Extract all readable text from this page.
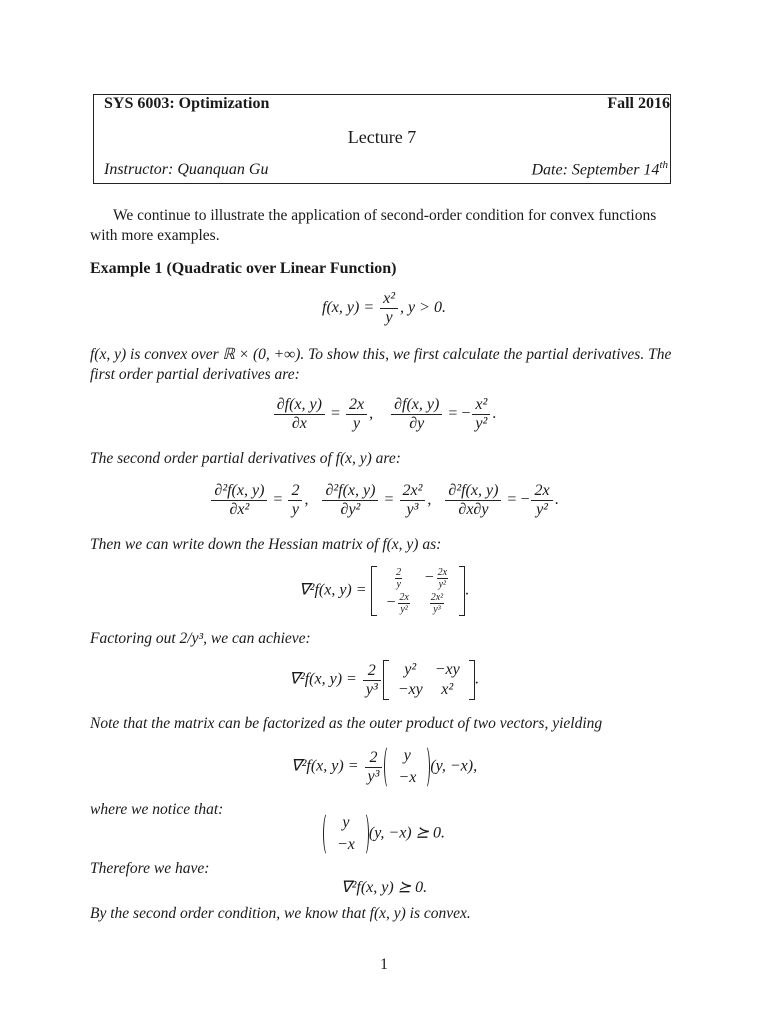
SYS 6003: Optimization	Fall 2016
Lecture 7
Instructor: Quanquan Gu	Date: September 14th
We continue to illustrate the application of second-order condition for convex functions with more examples.
Example 1 (Quadratic over Linear Function)
f(x, $y) = \frac{\text{x²}}{y}$ , y > 0.
f(x, y) is convex over ℝ × (0, +∞). To show this, we first calculate the partial derivatives. The first order partial derivatives are:
$\frac{\partial f(x, y)}{\partial x} = \frac{2x}{y}$ , $\frac{\partial f(x, y)}{\partial y}$ = − $\frac{\text{x²}}{\text{y²}}$ .
The second order partial derivatives of f(x, y) are:
$\frac{\text{∂²f(x, y)}}{\text{∂x²}} = \frac{2}{y}$ , $\frac{\text{∂²f(x, y)}}{\text{∂y²}} = \frac{\text{2x²}}{\text{y³}}$ , $\frac{\text{∂²f(x, y)}}{\partial x\partial y}$ = − $\frac{2x}{\text{y²}}$ .
Then we can write down the Hessian matrix of f(x, y) as:
∇²f(x, y) =
$\frac{2}{y}$	− $\frac{2x}{\text{y²}}$

− $\frac{2x}{\text{y²}}$	$\frac{\text{2x²}}{\text{y³}}$
.
Factoring out 2/y³, we can achieve:
∇²f(x, $y) = \frac{2}{\text{y³}} y^2$	−xy
−xy	x²
.
Note that the matrix can be factorized as the outer product of two vectors, yielding
∇²f(x, $y) = \frac{2}{\text{y³}}$ y
−x
(y, −x),
where we notice that:
y
−x
(y, −x) ⪰ 0.
Therefore we have:
∇²f(x, y) ⪰ 0.
By the second order condition, we know that f(x, y) is convex.
1
